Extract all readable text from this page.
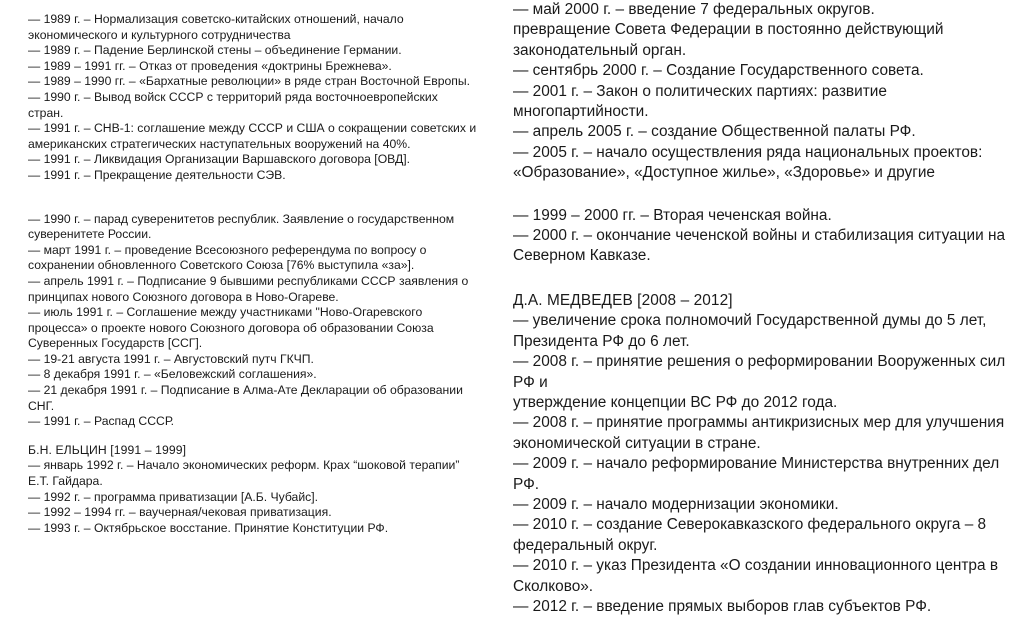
— 1989 г. – Нормализация советско-китайских отношений, начало
экономического и культурного сотрудничества
— 1989 г. – Падение Берлинской стены – объединение Германии.
— 1989 – 1991 гг. – Отказ от проведения «доктрины Брежнева».
— 1989 – 1990 гг. – «Бархатные революции» в ряде стран Восточной Европы.
— 1990 г. – Вывод войск СССР с территорий ряда восточноевропейских
стран.
— 1991 г. – СНВ-1: соглашение между СССР и США о сокращении советских и
американских стратегических наступательных вооружений на 40%.
— 1991 г. – Ликвидация Организации Варшавского договора [ОВД].
— 1991 г. – Прекращение деятельности СЭВ.
— 1990 г. – парад суверенитетов республик. Заявление о государственном
суверенитете России.
— март 1991 г. – проведение Всесоюзного референдума по вопросу о
сохранении обновленного Советского Союза [76% выступила «за»].
— апрель 1991 г. – Подписание 9 бывшими республиками СССР заявления о
принципах нового Союзного договора в Ново-Огареве.
— июль 1991 г. – Соглашение между участниками "Ново-Огаревского
процесса» о проекте нового Союзного договора об образовании Союза
Суверенных Государств [ССГ].
— 19-21 августа 1991 г. – Августовский путч ГКЧП.
— 8 декабря 1991 г. – «Беловежский соглашения».
— 21 декабря 1991 г. – Подписание в Алма-Ате Декларации об образовании
СНГ.
— 1991 г. – Распад СССР.
Б.Н. ЕЛЬЦИН [1991 – 1999]
— январь 1992 г. – Начало экономических реформ. Крах “шоковой терапии”
Е.Т. Гайдара.
— 1992 г. – программа приватизации [А.Б. Чубайс].
— 1992 – 1994 гг. – ваучерная/чековая приватизация.
— 1993 г. – Октябрьское восстание. Принятие Конституции РФ.
— май 2000 г. – введение 7 федеральных округов.
превращение Совета Федерации в постоянно действующий
законодательный орган.
— сентябрь 2000 г. – Создание Государственного совета.
— 2001 г. – Закон о политических партиях: развитие многопартийности.
— апрель 2005 г. – создание Общественной палаты РФ.
— 2005 г. – начало осуществления ряда национальных проектов:
«Образование», «Доступное жилье», «Здоровье» и другие
— 1999 – 2000 гг. – Вторая чеченская война.
— 2000 г. – окончание чеченской войны и стабилизация ситуации на
Северном Кавказе.
Д.А. МЕДВЕДЕВ [2008 – 2012]
— увеличение срока полномочий Государственной думы до 5 лет,
Президента РФ до 6 лет.
— 2008 г. – принятие решения о реформировании Вооруженных сил РФ и
утверждение концепции ВС РФ до 2012 года.
— 2008 г. – принятие программы антикризисных мер для улучшения
экономической ситуации в стране.
— 2009 г. – начало реформирование Министерства внутренних дел РФ.
— 2009 г. – начало модернизации экономики.
— 2010 г. – создание Северокавказского федерального округа – 8
федеральный округ.
— 2010 г. – указ Президента «О создании инновационного центра в
Сколково».
— 2012 г. – введение прямых выборов глав субъектов РФ.
